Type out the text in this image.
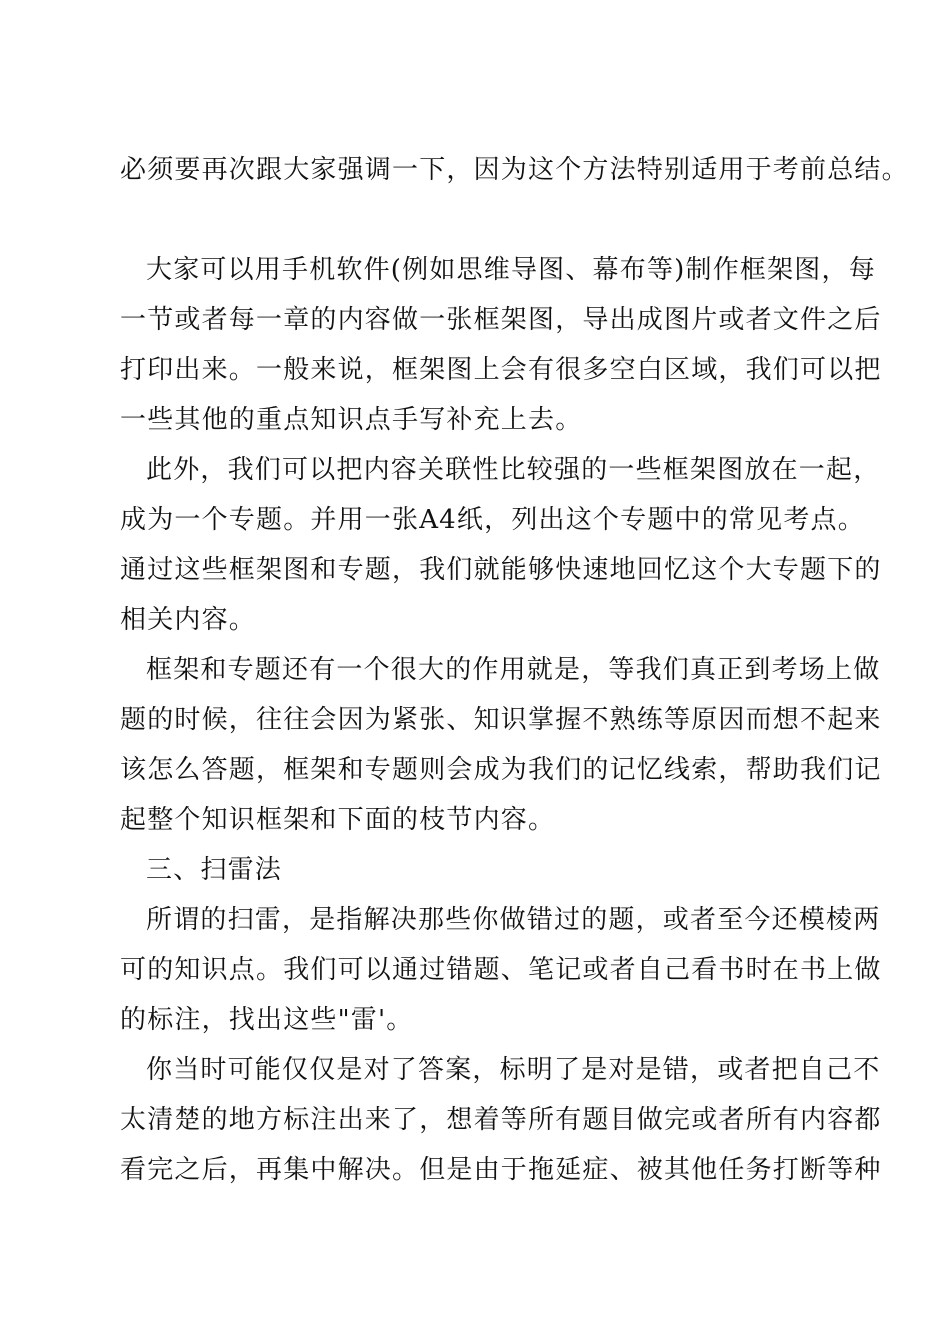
必须要再次跟大家强调一下，因为这个方法特别适用于考前总结。
大家可以用手机软件(例如思维导图、幕布等)制作框架图，每
一节或者每一章的内容做一张框架图，导出成图片或者文件之后
打印出来。一般来说，框架图上会有很多空白区域，我们可以把
一些其他的重点知识点手写补充上去。
此外，我们可以把内容关联性比较强的一些框架图放在一起，
成为一个专题。并用一张A4纸，列出这个专题中的常见考点。
通过这些框架图和专题，我们就能够快速地回忆这个大专题下的
相关内容。
框架和专题还有一个很大的作用就是，等我们真正到考场上做
题的时候，往往会因为紧张、知识掌握不熟练等原因而想不起来
该怎么答题，框架和专题则会成为我们的记忆线索，帮助我们记
起整个知识框架和下面的枝节内容。
三、扫雷法
所谓的扫雷，是指解决那些你做错过的题，或者至今还模棱两
可的知识点。我们可以通过错题、笔记或者自己看书时在书上做
的标注，找出这些"雷'。
你当时可能仅仅是对了答案，标明了是对是错，或者把自己不
太清楚的地方标注出来了，想着等所有题目做完或者所有内容都
看完之后，再集中解决。但是由于拖延症、被其他任务打断等种
